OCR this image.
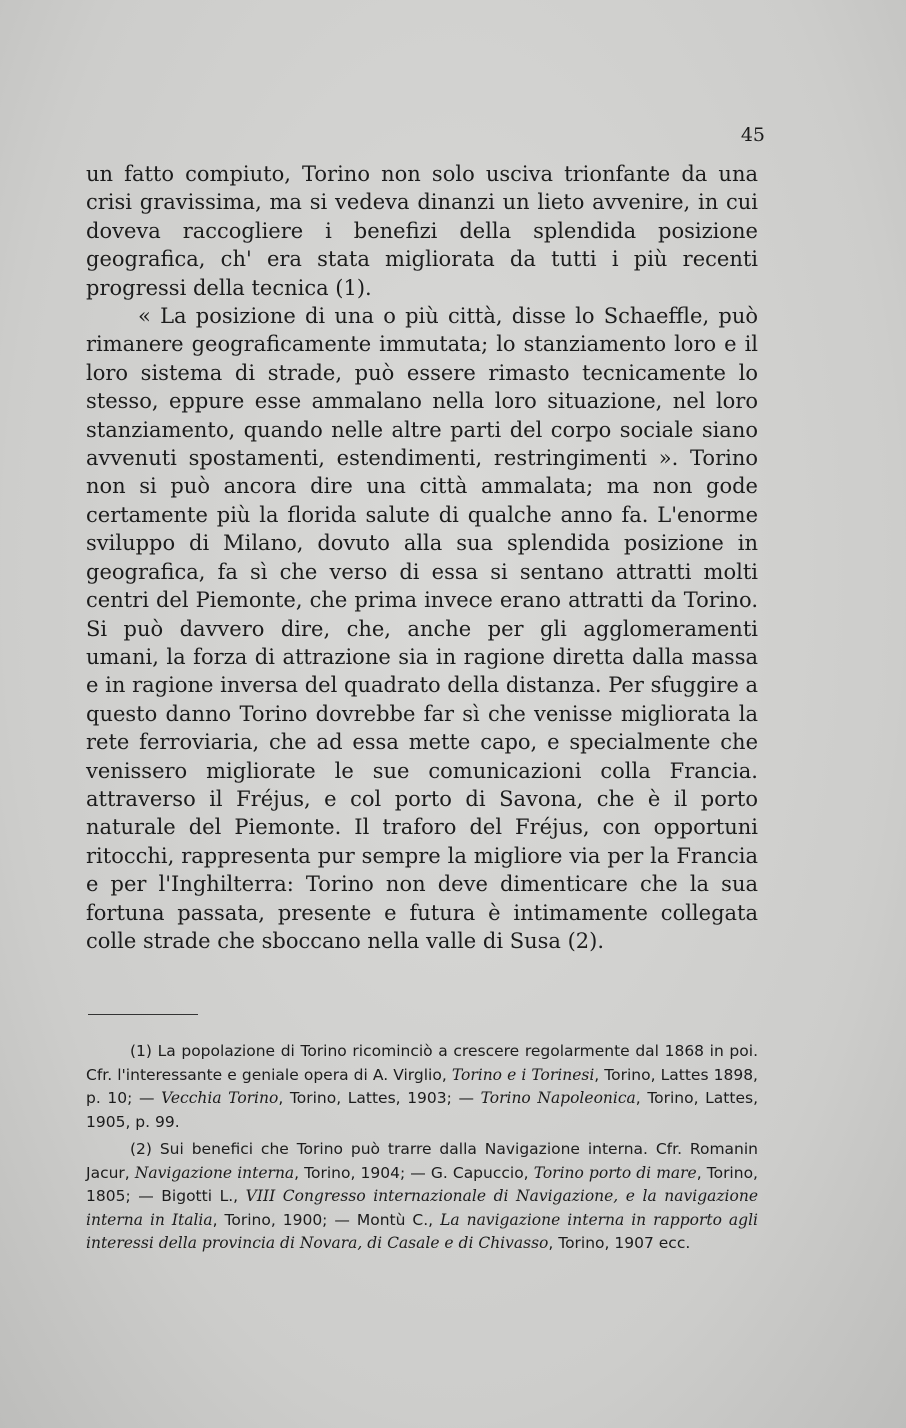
45

un fatto compiuto, Torino non solo usciva trionfante da una crisi gravissima, ma si vedeva dinanzi un lieto avvenire, in cui doveva raccogliere i benefizi della splendida posizione geografica, ch' era stata migliorata da tutti i più recenti progressi della tecnica (1).

« La posizione di una o più città, disse lo Schaeffle, può rimanere geograficamente immutata; lo stanziamento loro e il loro sistema di strade, può essere rimasto tecnicamente lo stesso, eppure esse ammalano nella loro situazione, nel loro stanziamento, quando nelle altre parti del corpo sociale siano avvenuti spostamenti, estendimenti, restringimenti ». Torino non si può ancora dire una città ammalata; ma non gode certamente più la florida salute di qualche anno fa. L'enorme sviluppo di Milano, dovuto alla sua splendida posizione in geografica, fa sì che verso di essa si sentano attratti molti centri del Piemonte, che prima invece erano attratti da Torino. Si può davvero dire, che, anche per gli agglomeramenti umani, la forza di attrazione sia in ragione diretta dalla massa e in ragione inversa del quadrato della distanza. Per sfuggire a questo danno Torino dovrebbe far sì che venisse migliorata la rete ferroviaria, che ad essa mette capo, e specialmente che venissero migliorate le sue comunicazioni colla Francia. attraverso il Fréjus, e col porto di Savona, che è il porto naturale del Piemonte. Il traforo del Fréjus, con opportuni ritocchi, rappresenta pur sempre la migliore via per la Francia e per l'Inghilterra: Torino non deve dimenticare che la sua fortuna passata, presente e futura è intimamente collegata colle strade che sboccano nella valle di Susa (2).

(1) La popolazione di Torino ricominciò a crescere regolarmente dal 1868 in poi. Cfr. l'interessante e geniale opera di A. Virglio, Torino e i Torinesi, Torino, Lattes 1898, p. 10; — Vecchia Torino, Torino, Lattes, 1903; — Torino Napoleonica, Torino, Lattes, 1905, p. 99.

(2) Sui benefici che Torino può trarre dalla Navigazione interna. Cfr. Romanin Jacur, Navigazione interna, Torino, 1904; — G. Capuccio, Torino porto di mare, Torino, 1805; — Bigotti L., VIII Congresso internazionale di Navigazione, e la navigazione interna in Italia, Torino, 1900; — Montù C., La navigazione interna in rapporto agli interessi della provincia di Novara, di Casale e di Chivasso, Torino, 1907 ecc.
